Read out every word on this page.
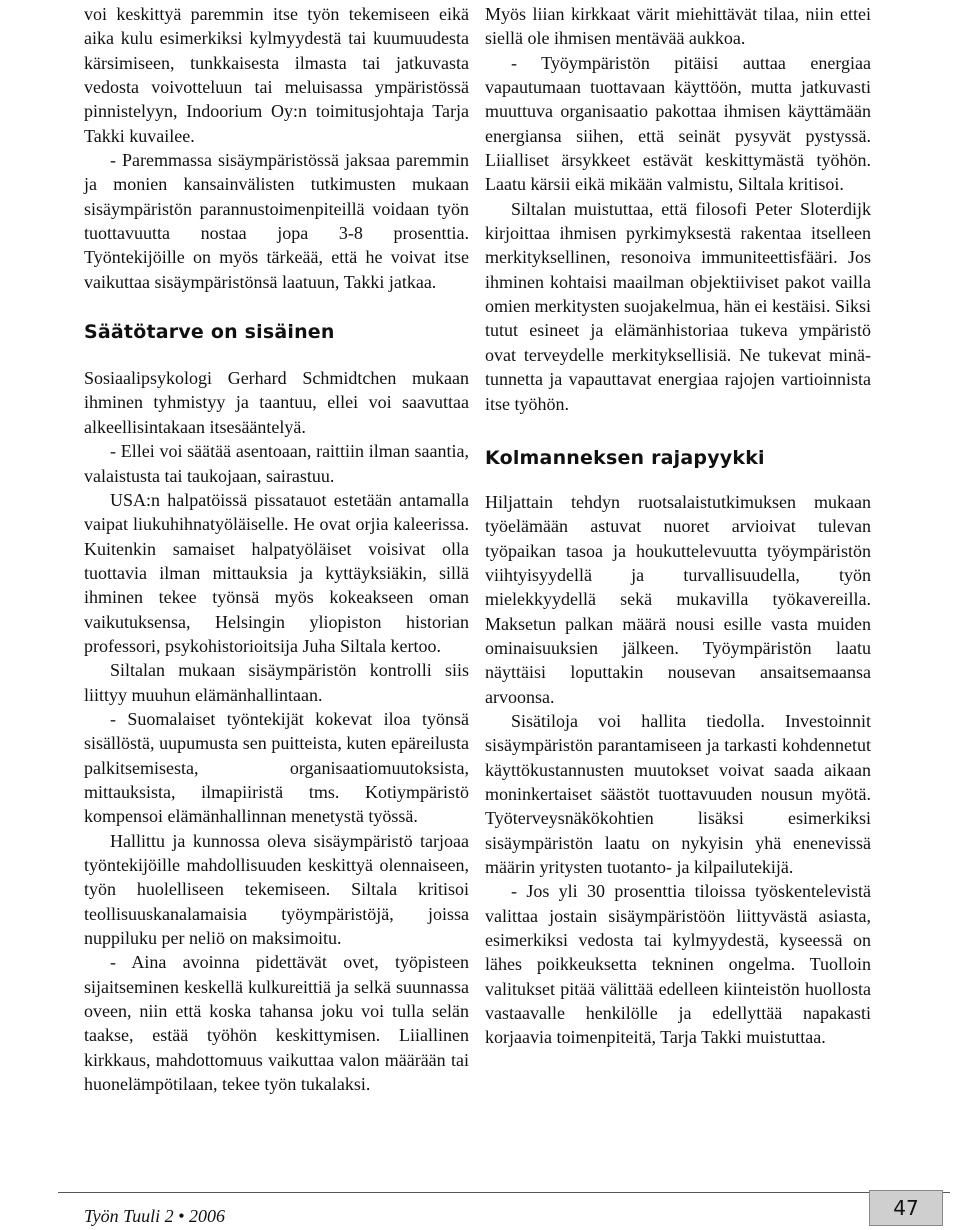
voi keskittyä paremmin itse työn tekemiseen eikä aika kulu esimerkiksi kylmyydestä tai kuumuudesta kärsimiseen, tunkkaisesta ilmasta tai jatkuvasta vedosta voivotteluun tai meluisassa ympäristössä pinnistelyyn, Indoorium Oy:n toimitusjohtaja Tarja Takki kuvailee.

- Paremmassa sisäympäristössä jaksaa paremmin ja monien kansainvälisten tutkimusten mukaan sisäympäristön parannustoimenpiteillä voidaan työn tuottavuutta nostaa jopa 3-8 prosenttia. Työntekijöille on myös tärkeää, että he voivat itse vaikuttaa sisäympäristönsä laatuun, Takki jatkaa.

Säätötarve on sisäinen

Sosiaalipsykologi Gerhard Schmidtchen mukaan ihminen tyhmistyy ja taantuu, ellei voi saavuttaa alkeellisintakaan itsesääntelyä.

- Ellei voi säätää asentoaan, raittiin ilman saantia, valaistusta tai taukojaan, sairastuu.

USA:n halpatöissä pissatauot estetään antamalla vaipat liukuhihnatyöläiselle. He ovat orjia kaleerissa. Kuitenkin samaiset halpatyöläiset voisivat olla tuottavia ilman mittauksia ja kyttäyksiäkin, sillä ihminen tekee työnsä myös kokeakseen oman vaikutuksensa, Helsingin yliopiston historian professori, psykohistorioitsija Juha Siltala kertoo.

Siltalan mukaan sisäympäristön kontrolli siis liittyy muuhun elämänhallintaan.

- Suomalaiset työntekijät kokevat iloa työnsä sisällöstä, uupumusta sen puitteista, kuten epäreilusta palkitsemisesta, organisaatiomuutoksista, mittauksista, ilmapiiristä tms. Kotiympäristö kompensoi elämänhallinnan menetystä työssä.

Hallittu ja kunnossa oleva sisäympäristö tarjoaa työntekijöille mahdollisuuden keskittyä olennaiseen, työn huolelliseen tekemiseen. Siltala kritisoi teollisuuskanalamaisia työympäristöjä, joissa nuppiluku per neliö on maksimoitu.

- Aina avoinna pidettävät ovet, työpisteen sijaitseminen keskellä kulkureittiä ja selkä suunnassa oveen, niin että koska tahansa joku voi tulla selän taakse, estää työhön keskittymisen. Liiallinen kirkkaus, mahdottomuus vaikuttaa valon määrään tai huonelämpötilaan, tekee työn tukalaksi.

Myös liian kirkkaat värit miehittävät tilaa, niin ettei siellä ole ihmisen mentävää aukkoa.

- Työympäristön pitäisi auttaa energiaa vapautumaan tuottavaan käyttöön, mutta jatkuvasti muuttuva organisaatio pakottaa ihmisen käyttämään energiansa siihen, että seinät pysyvät pystyssä. Liialliset ärsykkeet estävät keskittymästä työhön. Laatu kärsii eikä mikään valmistu, Siltala kritisoi.

Siltalan muistuttaa, että filosofi Peter Sloterdijk kirjoittaa ihmisen pyrkimyksestä rakentaa itselleen merkityksellinen, resonoiva immuniteettisfääri. Jos ihminen kohtaisi maailman objektiiviset pakot vailla omien merkitysten suojakelmua, hän ei kestäisi. Siksi tutut esineet ja elämänhistoriaa tukeva ympäristö ovat terveydelle merkityksellisiä. Ne tukevat minä-tunnetta ja vapauttavat energiaa rajojen vartioinnista itse työhön.

Kolmanneksen rajapyykki

Hiljattain tehdyn ruotsalaistutkimuksen mukaan työelämään astuvat nuoret arvioivat tulevan työpaikan tasoa ja houkuttelevuutta työympäristön viihtyisyydellä ja turvallisuudella, työn mielekkyydellä sekä mukavilla työkavereilla. Maksetun palkan määrä nousi esille vasta muiden ominaisuuksien jälkeen. Työympäristön laatu näyttäisi loputtakin nousevan ansaitsemaansa arvoonsa.

Sisätiloja voi hallita tiedolla. Investoinnit sisäympäristön parantamiseen ja tarkasti kohdennetut käyttökustannusten muutokset voivat saada aikaan moninkertaiset säästöt tuottavuuden nousun myötä. Työterveysnäkökohtien lisäksi esimerkiksi sisäympäristön laatu on nykyisin yhä enenevissä määrin yritysten tuotanto- ja kilpailutekijä.

- Jos yli 30 prosenttia tiloissa työskentelevistä valittaa jostain sisäympäristöön liittyvästä asiasta, esimerkiksi vedosta tai kylmyydestä, kyseessä on lähes poikkeuksetta tekninen ongelma. Tuolloin valitukset pitää välittää edelleen kiinteistön huollosta vastaavalle henkilölle ja edellyttää napakasti korjaavia toimenpiteitä, Tarja Takki muistuttaa.

Työn Tuuli 2 • 2006	47
